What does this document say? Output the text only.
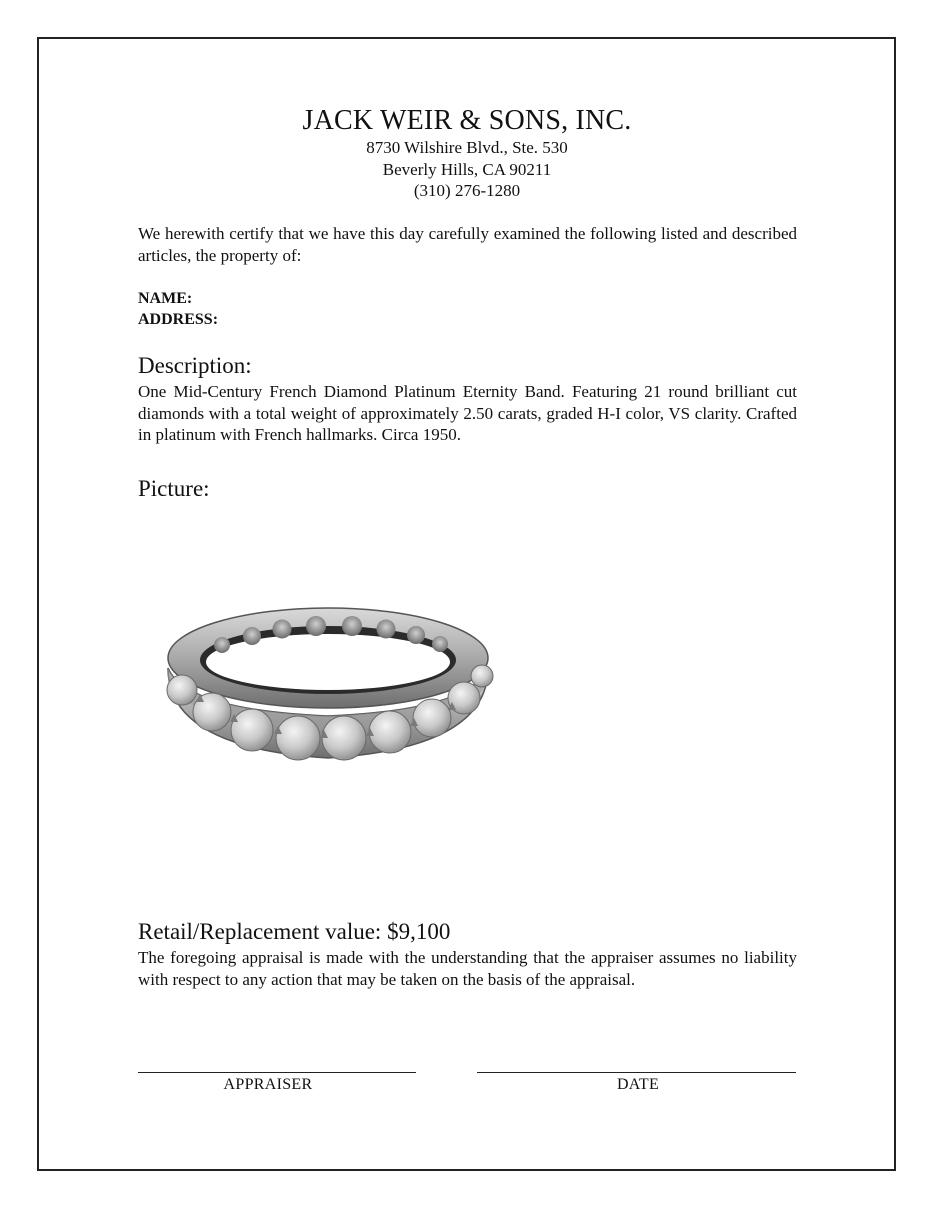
JACK WEIR & SONS, INC.
8730 Wilshire Blvd., Ste. 530
Beverly Hills, CA 90211
(310) 276-1280
We herewith certify that we have this day carefully examined the following listed and described articles, the property of:
NAME:
ADDRESS:
Description:
One Mid-Century French Diamond Platinum Eternity Band. Featuring 21 round brilliant cut diamonds with a total weight of approximately 2.50 carats, graded H-I color, VS clarity. Crafted in platinum with French hallmarks. Circa 1950.
Picture:
Retail/Replacement value: $9,100
The foregoing appraisal is made with the understanding that the appraiser assumes no liability with respect to any action that may be taken on the basis of the appraisal.
APPRAISER	DATE
